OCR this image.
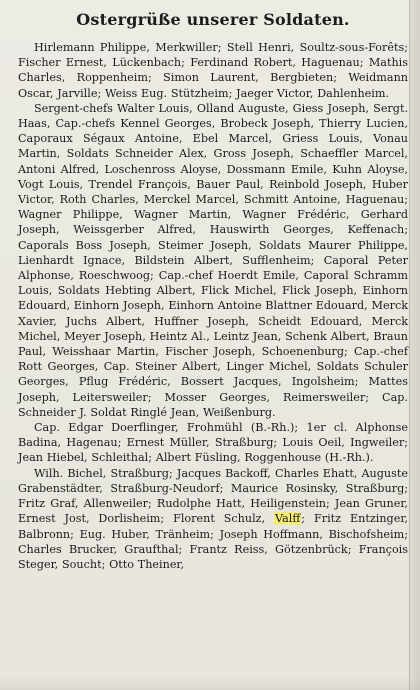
Ostergrüße unserer Soldaten.

Hirlemann Philippe, Merkwiller; Stell Henri, Soultz-sous-Forêts; Fischer Ernest, Lückenbach; Ferdinand Robert, Haguenau; Mathis Charles, Roppenheim; Simon Laurent, Bergbieten; Weidmann Oscar, Jarville; Weiss Eug. Stützheim; Jaeger Victor, Dahlenheim.

Sergent-chefs Walter Louis, Olland Auguste, Giess Joseph, Sergt. Haas, Cap.-chefs Kennel Georges, Brobeck Joseph, Thierry Lucien, Caporaux Ségaux Antoine, Ebel Marcel, Griess Louis, Vonau Martin, Soldats Schneider Alex, Gross Joseph, Schaeffler Marcel, Antoni Alfred, Loschenross Aloyse, Dossmann Emile, Kuhn Aloyse, Vogt Louis, Trendel François, Bauer Paul, Reinbold Joseph, Huber Victor, Roth Charles, Merckel Marcel, Schmitt Antoine, Haguenau; Wagner Philippe, Wagner Martin, Wagner Frédéric, Gerhard Joseph, Weissgerber Alfred, Hauswirth Georges, Keffenach; Caporals Boss Joseph, Steimer Joseph, Soldats Maurer Philippe, Lienhardt Ignace, Bildstein Albert, Sufflenheim; Caporal Peter Alphonse, Roeschwoog; Cap.-chef Hoerdt Emile, Caporal Schramm Louis, Soldats Hebting Albert, Flick Michel, Flick Joseph, Einhorn Edouard, Einhorn Joseph, Einhorn Antoine Blattner Edouard, Merck Xavier, Juchs Albert, Huffner Joseph, Scheidt Edouard, Merck Michel, Meyer Joseph, Heintz Al., Leintz Jean, Schenk Albert, Braun Paul, Weisshaar Martin, Fischer Joseph, Schoenenburg; Cap.-chef Rott Georges, Cap. Steiner Albert, Linger Michel, Soldats Schuler Georges, Pflug Frédéric, Bossert Jacques, Ingolsheim; Mattes Joseph, Leitersweiler; Mosser Georges, Reimersweiler; Cap. Schneider J. Soldat Ringlé Jean, Weißenburg.

Cap. Edgar Doerflinger, Frohmühl (B.-Rh.); 1er cl. Alphonse Badina, Hagenau; Ernest Müller, Straßburg; Louis Oeil, Ingweiler; Jean Hiebel, Schleithal; Albert Füsling, Roggenhouse (H.-Rh.).

Wilh. Bichel, Straßburg; Jacques Backoff, Charles Ehatt, Auguste Grabenstädter, Straßburg-Neudorf; Maurice Rosinsky, Straßburg; Fritz Graf, Allenweiler; Rudolphe Hatt, Heiligenstein; Jean Gruner, Ernest Jost, Dorlisheim; Florent Schulz, Valff; Fritz Entzinger, Balbronn; Eug. Huber, Tränheim; Joseph Hoffmann, Bischofsheim; Charles Brucker, Graufthal; Frantz Reiss, Götzenbrück; François Steger, Soucht; Otto Theiner,
